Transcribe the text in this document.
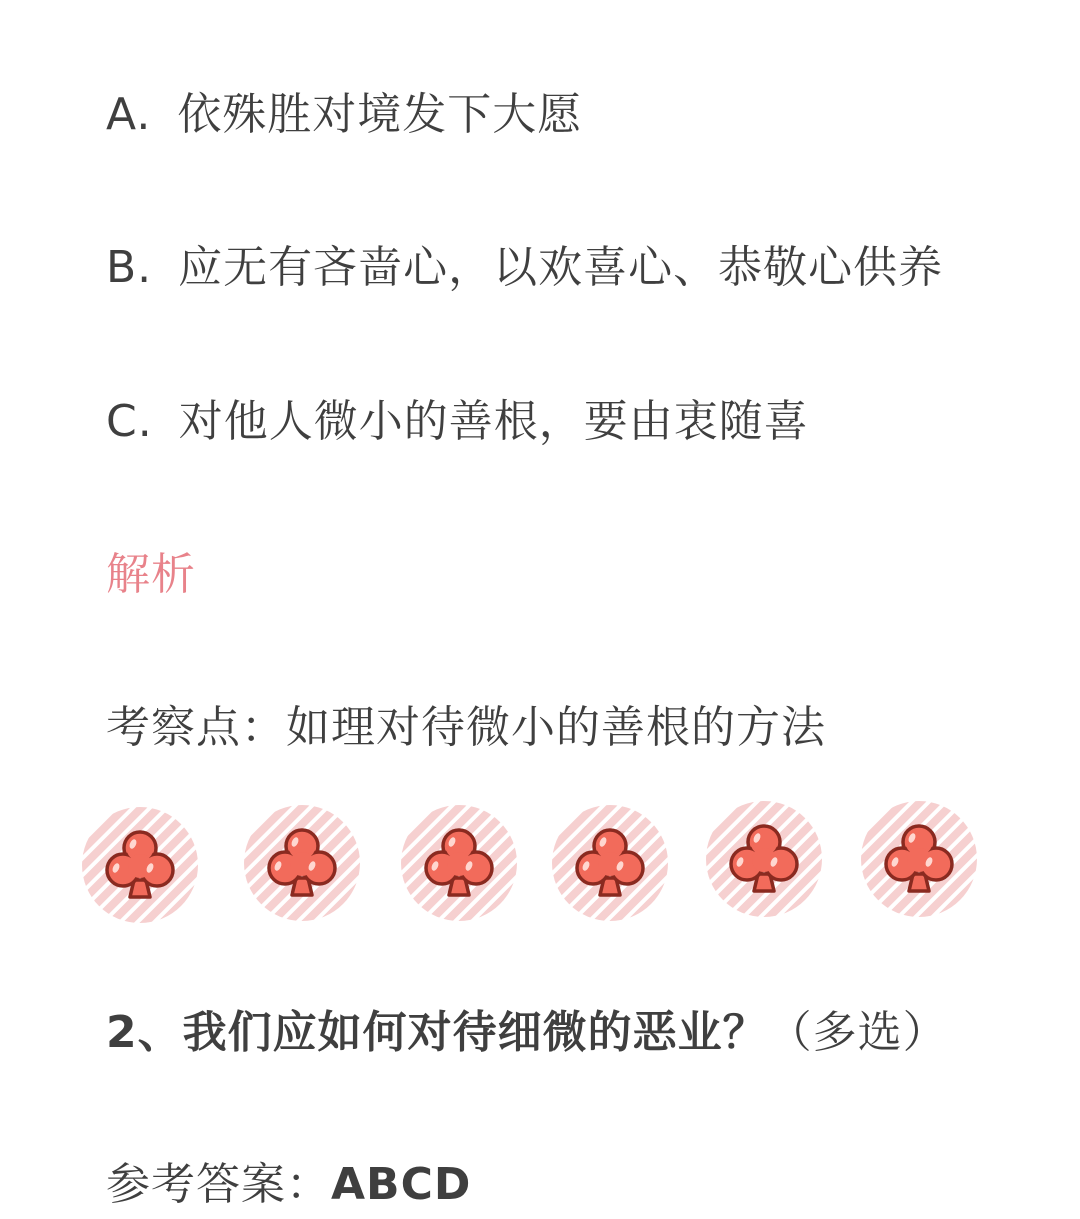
A. 依殊胜对境发下大愿
B. 应无有吝啬心，以欢喜心、恭敬心供养
C. 对他人微小的善根，要由衷随喜
解析
考察点：如理对待微小的善根的方法
2、我们应如何对待细微的恶业？（多选）
参考答案：ABCD
